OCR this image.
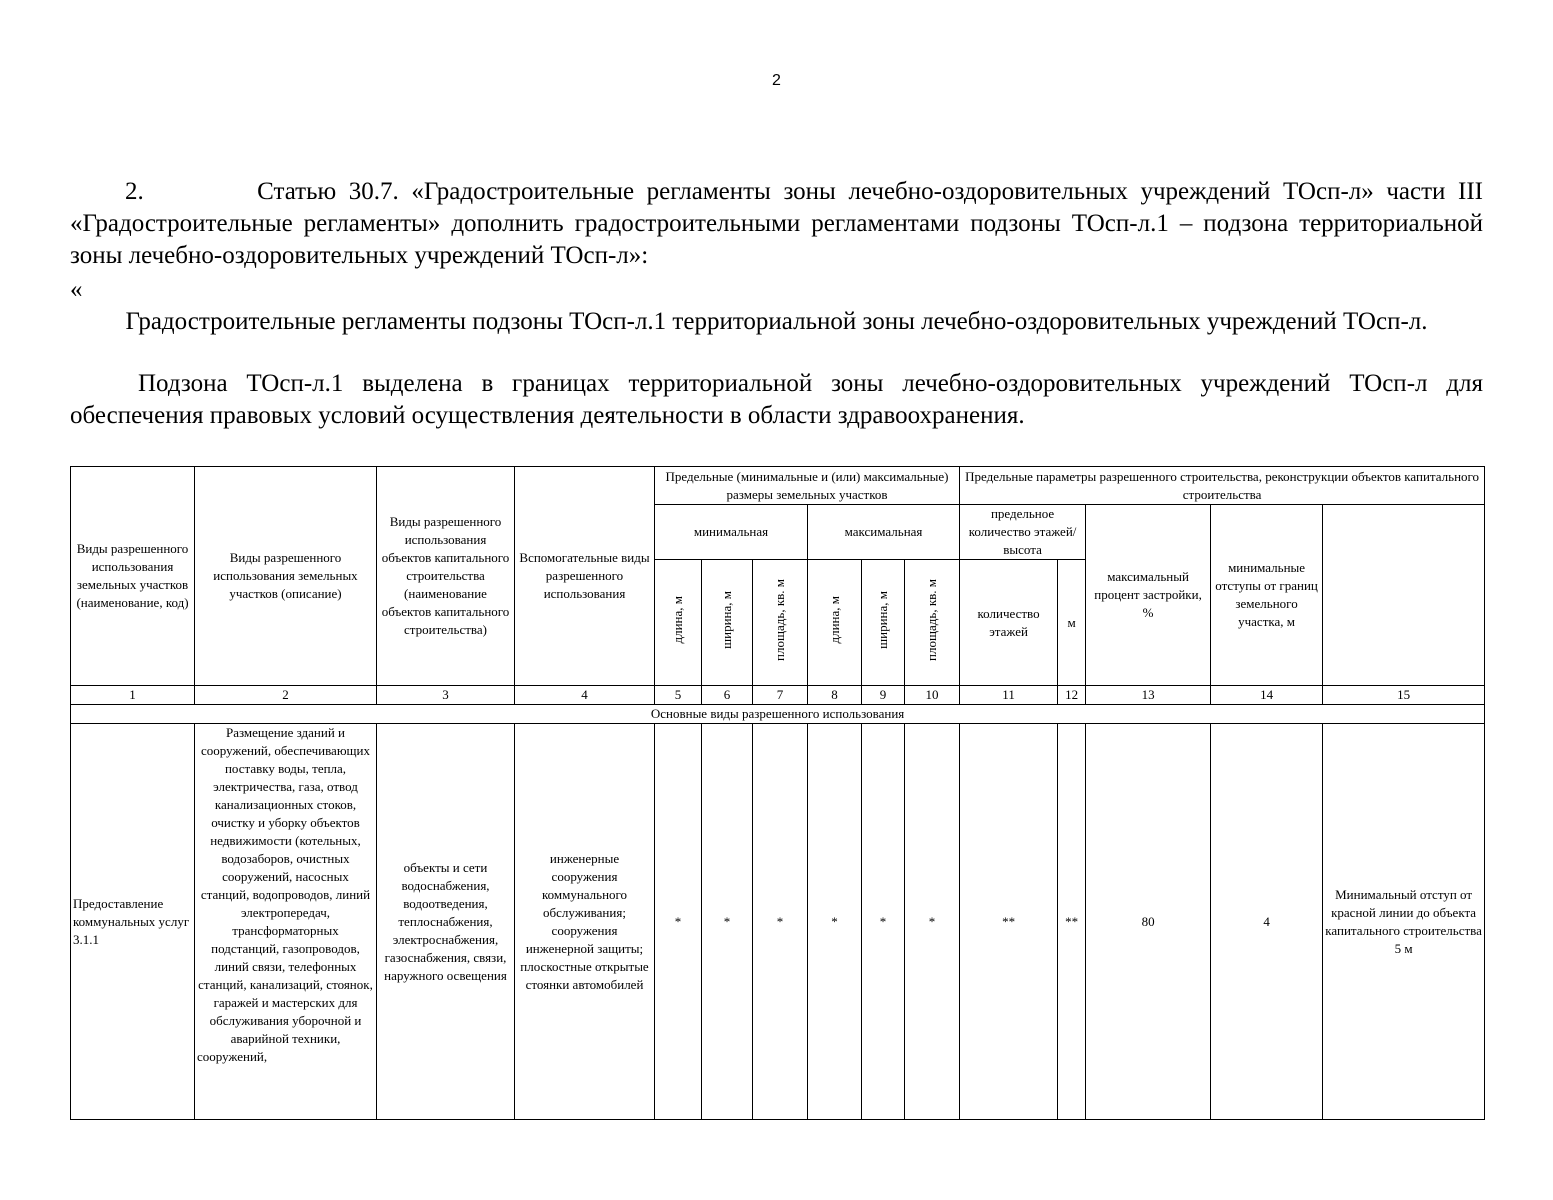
2
2.         Статью 30.7. «Градостроительные регламенты зоны лечебно-оздоровительных учреждений ТОсп-л» части III «Градостроительные регламенты» дополнить градостроительными регламентами подзоны ТОсп-л.1 – подзона территориальной зоны лечебно-оздоровительных учреждений ТОсп-л»:
«
Градостроительные регламенты подзоны ТОсп-л.1 территориальной зоны лечебно-оздоровительных учреждений ТОсп-л.
Подзона ТОсп-л.1 выделена в границах территориальной зоны лечебно-оздоровительных учреждений ТОсп-л для обеспечения правовых условий осуществления деятельности в области здравоохранения.
Виды разрешенного использования земельных участков (наименование, код)	Виды разрешенного использования земельных участков (описание)	Виды разрешенного использования объектов капитального строительства (наименование объектов капитального строительства)	Вспомогательные виды разрешенного использования	Предельные (минимальные и (или) максимальные) размеры земельных участков						Предельные параметры разрешенного строительства, реконструкции объектов капитального строительства	
				минимальная			максимальная			предельное количество этажей/высота		максимальный процент застройки, %	минимальные отступы от границ земельного участка, м		

				длина, м	ширина, м	площадь, кв. м	длина, м	ширина, м	площадь, кв. м	количество этажей	м				
1	2	3	4	5	6	7	8	9	10	11	12	13	14	15	
Основные виды разрешенного использования															
Предоставление коммунальных услуг 3.1.1	Размещение зданий и сооружений, обеспечивающих поставку воды, тепла, электричества, газа, отвод канализационных стоков, очистку и уборку объектов недвижимости (котельных, водозаборов, очистных сооружений, насосных станций, водопроводов, линий электропередач, трансформаторных подстанций, газопроводов, линий связи, телефонных станций, канализаций, стоянок, гаражей и мастерских для обслуживания уборочной и аварийной техники, сооружений,	объекты и сети водоснабжения, водоотведения, теплоснабжения, электроснабжения, газоснабжения, связи, наружного освещения	инженерные сооружения коммунального обслуживания; сооружения инженерной защиты; плоскостные открытые стоянки автомобилей	*	*	*	*	*	*	**	**	80	4	Минимальный отступ от красной линии до объекта капитального строительства 5 м	
